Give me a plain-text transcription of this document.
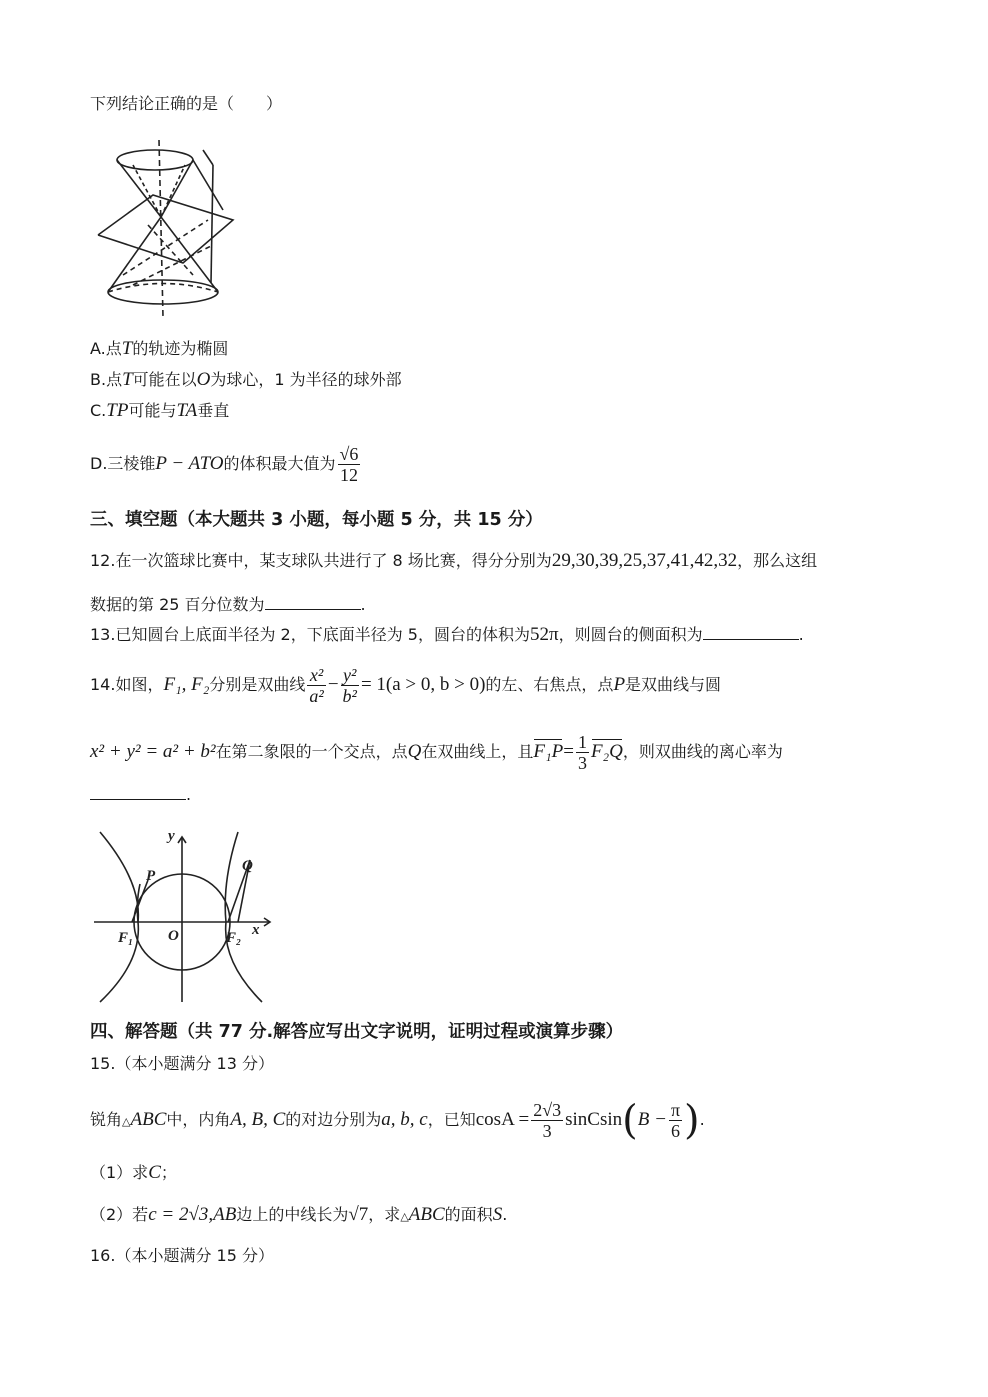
下列结论正确的是（　　）
A.点T的轨迹为椭圆
B.点T可能在以O为球心，1 为半径的球外部
C.TP可能与TA垂直
D.三棱锥P − ATO的体积最大值为 $\frac{√6}{12}$
三、填空题（本大题共 3 小题，每小题 5 分，共 15 分）
12.在一次篮球比赛中，某支球队共进行了 8 场比赛，得分分别为29,30,39,25,37,41,42,32，那么这组
数据的第 25 百分位数为	.
13.已知圆台上底面半径为 2，下底面半径为 5，圆台的体积为52π，则圆台的侧面积为	.
14.如图，F₁, F₂分别是双曲线 $\frac{\text{x²}}{\text{a²}} - \frac{\text{y²}}{\text{b²}} = 1(a > 0$, b > 0)的左、右焦点，点P是双曲线与圆
x² + y² = a² + b²在第二象限的一个交点，点Q在双曲线上，且$F_1P= \frac{1}{3} F_2Q$，则双曲线的离心率为
.
y
x
P
Q
O
F₁	F₂
四、解答题（共 77 分.解答应写出文字说明，证明过程或演算步骤）
15.（本小题满分 13 分）
锐角△ABC中，内角A, B, C的对边分别为a, b, c，已知$\cos A = \frac{2√3}{3}$ sinCsin(B − $\frac{\pi}{6}$ ).
（1）求C；
（2）若c = 2√3,AB边上的中线长为√7，求△ABC的面积S.
16.（本小题满分 15 分）
